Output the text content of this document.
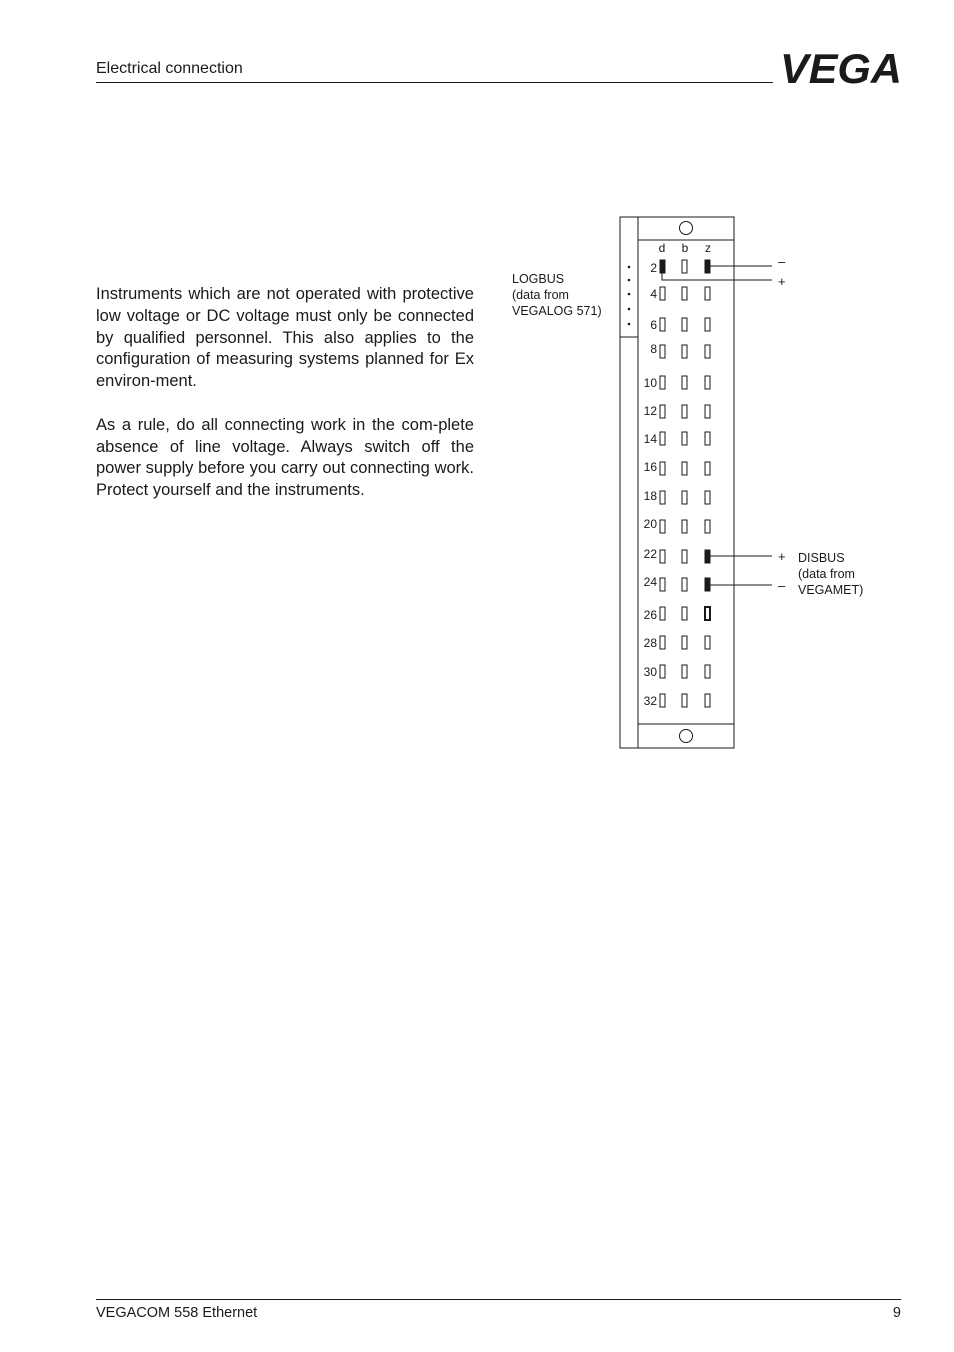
Electrical connection	VEGA

Instruments which are not operated with protective low voltage or DC voltage must only be connected by qualified personnel. This also applies to the configuration of measuring systems planned for Ex environ-ment.

As a rule, do all connecting work in the com-plete absence of line voltage. Always switch off the power supply before you carry out connecting work. Protect yourself and the instruments.

d b z
2
4
6
8
10
12
14
16
18
20
22
24
26
28
30
32
–
+
LOGBUS
(data from
VEGALOG 571)
+
–
DISBUS
(data from
VEGAMET)
VEGACOM 558 Ethernet	9
